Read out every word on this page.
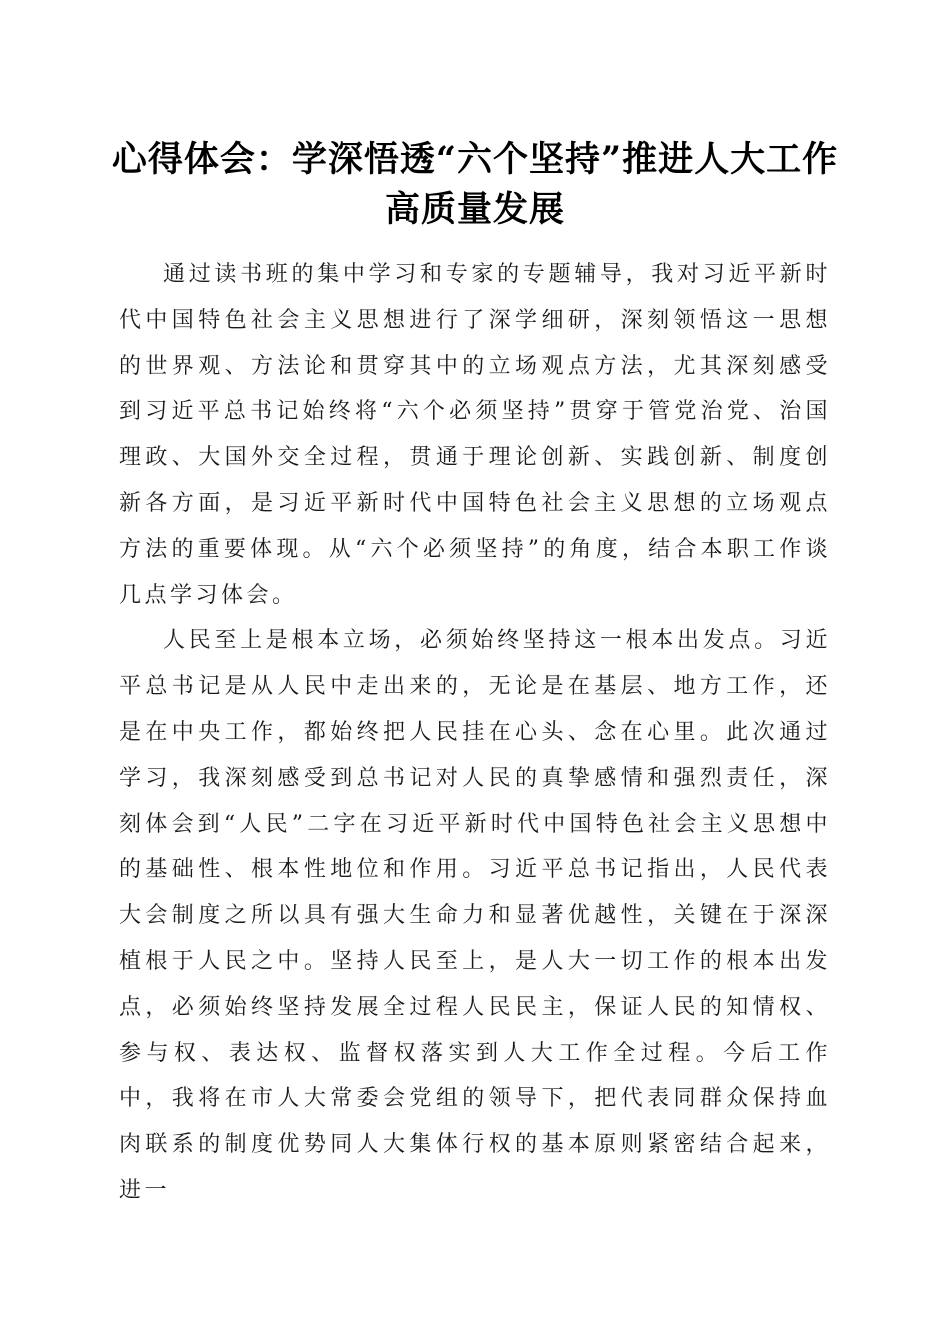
心得体会：学深悟透“六个坚持”推进人大工作高质量发展

通过读书班的集中学习和专家的专题辅导，我对习近平新时代中国特色社会主义思想进行了深学细研，深刻领悟这一思想的世界观、方法论和贯穿其中的立场观点方法，尤其深刻感受到习近平总书记始终将“六个必须坚持”贯穿于管党治党、治国理政、大国外交全过程，贯通于理论创新、实践创新、制度创新各方面，是习近平新时代中国特色社会主义思想的立场观点方法的重要体现。从“六个必须坚持”的角度，结合本职工作谈几点学习体会。

人民至上是根本立场，必须始终坚持这一根本出发点。习近平总书记是从人民中走出来的，无论是在基层、地方工作，还是在中央工作，都始终把人民挂在心头、念在心里。此次通过学习，我深刻感受到总书记对人民的真挚感情和强烈责任，深刻体会到“人民”二字在习近平新时代中国特色社会主义思想中的基础性、根本性地位和作用。习近平总书记指出，人民代表大会制度之所以具有强大生命力和显著优越性，关键在于深深植根于人民之中。坚持人民至上，是人大一切工作的根本出发点，必须始终坚持发展全过程人民民主，保证人民的知情权、参与权、表达权、监督权落实到人大工作全过程。今后工作中，我将在市人大常委会党组的领导下，把代表同群众保持血肉联系的制度优势同人大集体行权的基本原则紧密结合起来，进一
